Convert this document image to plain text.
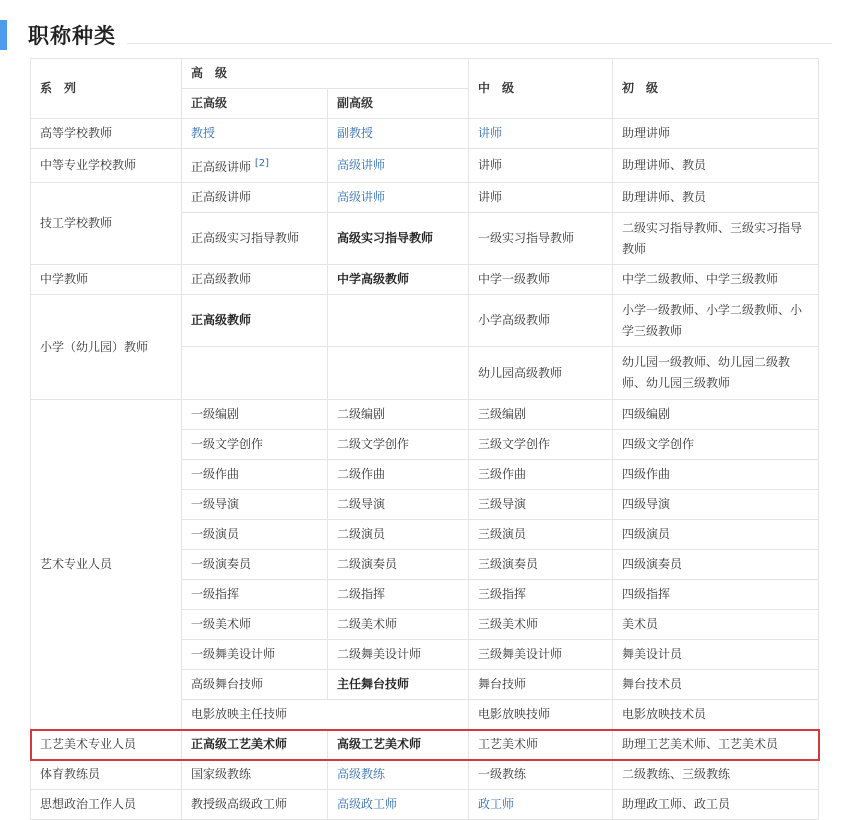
职称种类
系　列	高　级		中　级	初　级
	正高级	副高级		
高等学校教师	教授	副教授	讲师	助理讲师
中等专业学校教师	正高级讲师 [2]	高级讲师	讲师	助理讲师、教员
技工学校教师	正高级讲师	高级讲师	讲师	助理讲师、教员
	正高级实习指导教师	高级实习指导教师	一级实习指导教师	二级实习指导教师、三级实习指导教师
中学教师	正高级教师	中学高级教师	中学一级教师	中学二级教师、中学三级教师
小学（幼儿园）教师	正高级教师		小学高级教师	小学一级教师、小学二级教师、小学三级教师
			幼儿园高级教师	幼儿园一级教师、幼儿园二级教师、幼儿园三级教师
艺术专业人员	一级编剧	二级编剧	三级编剧	四级编剧
	一级文学创作	二级文学创作	三级文学创作	四级文学创作
	一级作曲	二级作曲	三级作曲	四级作曲
	一级导演	二级导演	三级导演	四级导演
	一级演员	二级演员	三级演员	四级演员
	一级演奏员	二级演奏员	三级演奏员	四级演奏员
	一级指挥	二级指挥	三级指挥	四级指挥
	一级美术师	二级美术师	三级美术师	美术员
	一级舞美设计师	二级舞美设计师	三级舞美设计师	舞美设计员
	高级舞台技师	主任舞台技师	舞台技师	舞台技术员
	电影放映主任技师		电影放映技师	电影放映技术员
工艺美术专业人员	正高级工艺美术师	高级工艺美术师	工艺美术师	助理工艺美术师、工艺美术员
体育教练员	国家级教练	高级教练	一级教练	二级教练、三级教练
思想政治工作人员	教授级高级政工师	高级政工师	政工师	助理政工师、政工员
